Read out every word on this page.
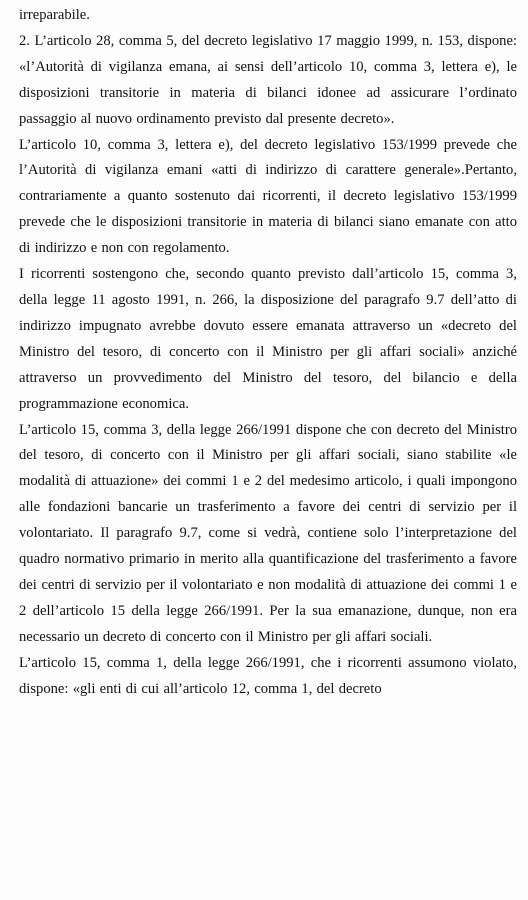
irreparabile.

2. L’articolo 28, comma 5, del decreto legislativo 17 maggio 1999, n. 153, dispone: «l’Autorità di vigilanza emana, ai sensi dell’articolo 10, comma 3, lettera e), le disposizioni transitorie in materia di bilanci idonee ad assicurare l’ordinato passaggio al nuovo ordinamento previsto dal presente decreto».

L’articolo 10, comma 3, lettera e), del decreto legislativo 153/1999 prevede che l’Autorità di vigilanza emani «atti di indirizzo di carattere generale».Pertanto, contrariamente a quanto sostenuto dai ricorrenti, il decreto legislativo 153/1999 prevede che le disposizioni transitorie in materia di bilanci siano emanate con atto di indirizzo e non con regolamento.

I ricorrenti sostengono che, secondo quanto previsto dall’articolo 15, comma 3, della legge 11 agosto 1991, n. 266, la disposizione del paragrafo 9.7 dell’atto di indirizzo impugnato avrebbe dovuto essere emanata attraverso un «decreto del Ministro del tesoro, di concerto con il Ministro per gli affari sociali» anziché attraverso un provvedimento del Ministro del tesoro, del bilancio e della programmazione economica.

L’articolo 15, comma 3, della legge 266/1991 dispone che con decreto del Ministro del tesoro, di concerto con il Ministro per gli affari sociali, siano stabilite «le modalità di attuazione» dei commi 1 e 2 del medesimo articolo, i quali impongono alle fondazioni bancarie un trasferimento a favore dei centri di servizio per il volontariato. Il paragrafo 9.7, come si vedrà, contiene solo l’interpretazione del quadro normativo primario in merito alla quantificazione del trasferimento a favore dei centri di servizio per il volontariato e non modalità di attuazione dei commi 1 e 2 dell’articolo 15 della legge 266/1991. Per la sua emanazione, dunque, non era necessario un decreto di concerto con il Ministro per gli affari sociali.

L’articolo 15, comma 1, della legge 266/1991, che i ricorrenti assumono violato, dispone: «gli enti di cui all’articolo 12, comma 1, del decreto
